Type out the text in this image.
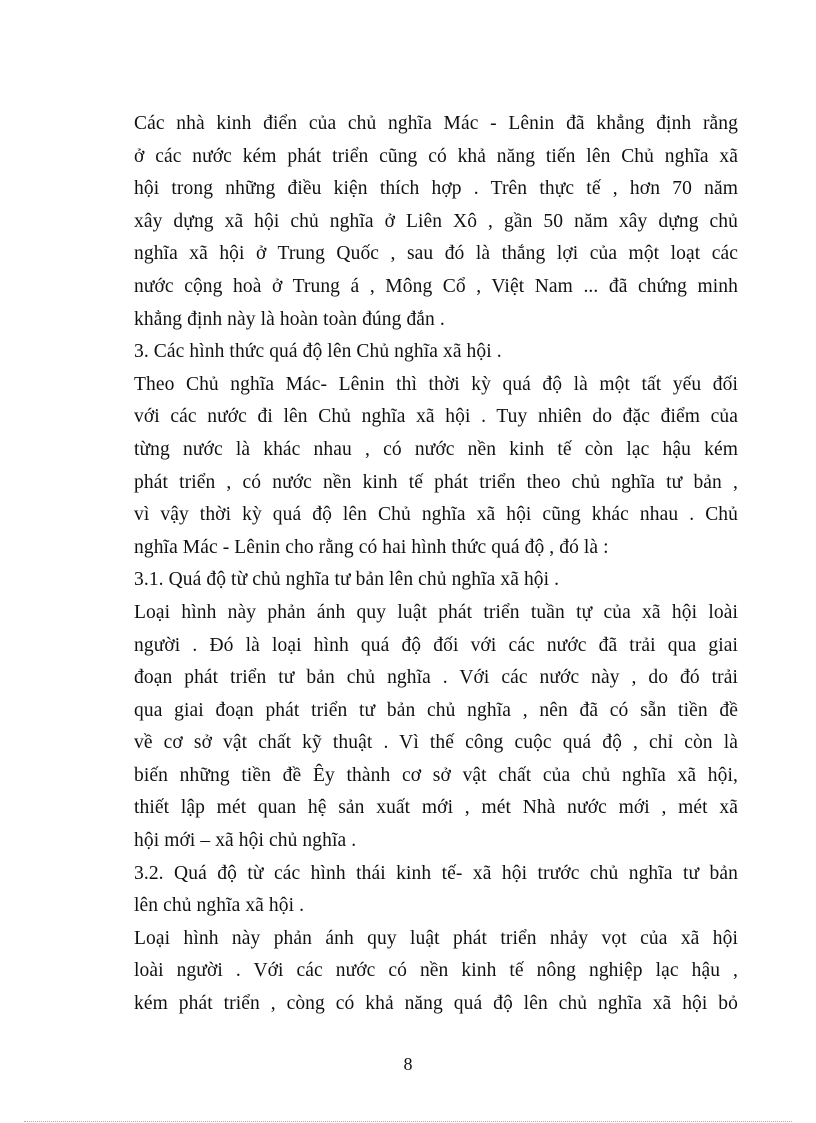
Các nhà kinh điển của chủ nghĩa Mác - Lênin đã khẳng định rằng
ở các nước kém phát triển cũng có khả năng tiến lên Chủ nghĩa xã
hội trong những điều kiện thích hợp . Trên thực tế , hơn 70 năm
xây dựng xã hội chủ nghĩa ở Liên Xô , gần 50 năm xây dựng chủ
nghĩa xã hội ở Trung Quốc , sau đó là thắng lợi của một loạt các
nước cộng hoà ở Trung á , Mông Cổ , Việt Nam ... đã chứng minh
khẳng định này là hoàn toàn đúng đắn .
3. Các hình thức quá độ lên Chủ nghĩa xã hội .
Theo Chủ nghĩa Mác- Lênin thì thời kỳ quá độ là một tất yếu đối
với các nước đi lên Chủ nghĩa xã hội . Tuy nhiên do đặc điểm của
từng nước là khác nhau , có nước nền kinh tế còn lạc hậu kém
phát triển , có nước nền kinh tế phát triển theo chủ nghĩa tư bản ,
vì vậy thời kỳ quá độ lên Chủ nghĩa xã hội cũng khác nhau . Chủ
nghĩa Mác - Lênin cho rằng có hai hình thức quá độ , đó là :
3.1. Quá độ từ chủ nghĩa tư bản lên chủ nghĩa xã hội .
Loại hình này phản ánh quy luật phát triển tuần tự của xã hội loài
người . Đó là loại hình quá độ đối với các nước đã trải qua giai
đoạn phát triển tư bản chủ nghĩa . Với các nước này , do đó trải
qua giai đoạn phát triển tư bản chủ nghĩa , nên đã có sẵn tiền đề
về cơ sở vật chất kỹ thuật . Vì thế công cuộc quá độ , chỉ còn là
biến những tiền đề Êy thành cơ sở vật chất của chủ nghĩa xã hội,
thiết lập mét quan hệ sản xuất mới , mét Nhà nước mới , mét xã
hội mới – xã hội chủ nghĩa .
3.2. Quá độ từ các hình thái kinh tế- xã hội trước chủ nghĩa tư bản
lên chủ nghĩa xã hội .
Loại hình này phản ánh quy luật phát triển nhảy vọt của xã hội
loài người . Với các nước có nền kinh tế nông nghiệp lạc hậu ,
kém phát triển , còng có khả năng quá độ lên chủ nghĩa xã hội bỏ
8
